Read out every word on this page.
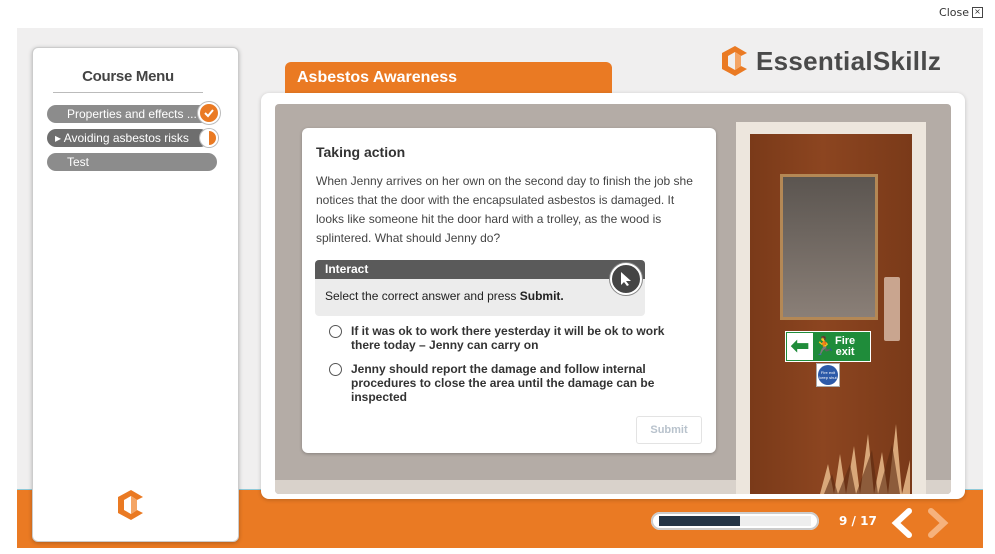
Close ×
Course Menu
Properties and effects ...
▸ Avoiding asbestos risks
Test
EssentialSkillz
Asbestos Awareness
⬅ 🏃 Fire
exit
Fire exit keep shut
Taking action
When Jenny arrives on her own on the second day to finish the job she notices that the door with the encapsulated asbestos is damaged. It looks like someone hit the door hard with a trolley, as the wood is splintered. What should Jenny do?
Interact
Select the correct answer and press Submit.
If it was ok to work there yesterday it will be ok to work there today – Jenny can carry on
Jenny should report the damage and follow internal procedures to close the area until the damage can be inspected
Submit
9 / 17
